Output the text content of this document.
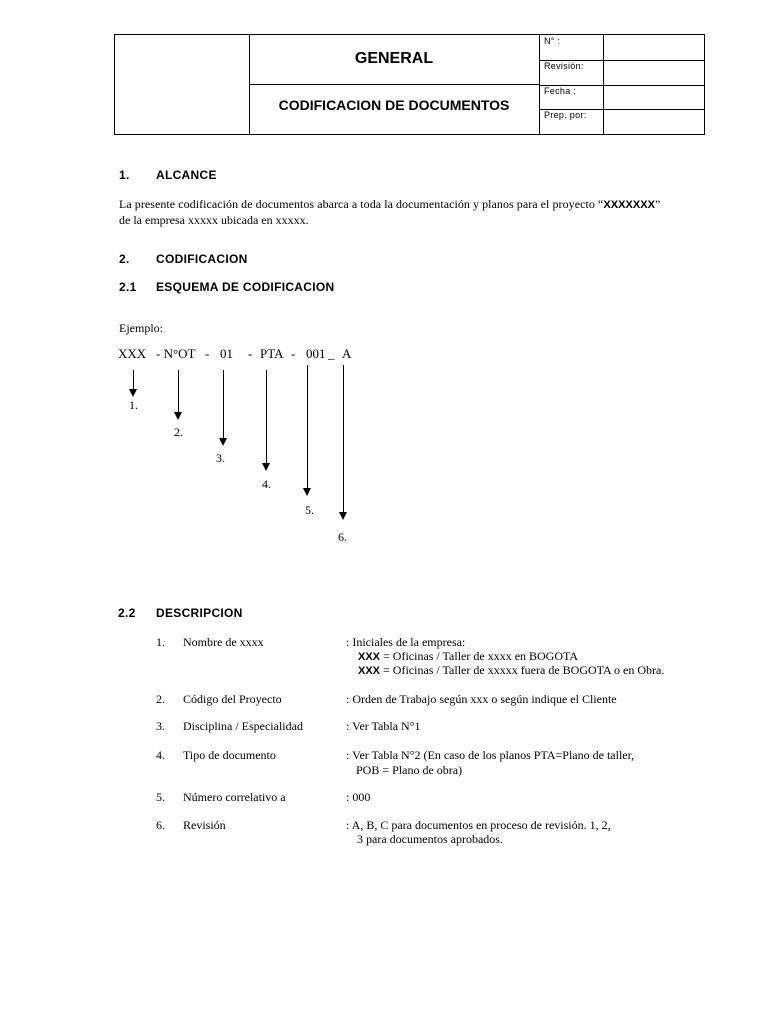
GENERAL
CODIFICACION DE DOCUMENTOS
N° :
Revisión:
Fecha :
Prep. por:
1. ALCANCE
La presente codificación de documentos abarca a toda la documentación y planos para el proyecto “XXXXXXX”
de la empresa xxxxx ubicada en xxxxx.
2. CODIFICACION
2.1 ESQUEMA DE CODIFICACION
Ejemplo:
XXX - N°OT - 01 - PTA - 001 _ A
1.
2.
3.
4.
5.
6.
2.2 DESCRIPCION
1. Nombre de xxxx	: Iniciales de la empresa:
XXX = Oficinas / Taller de xxxx en BOGOTA
XXX = Oficinas / Taller de xxxxx fuera de BOGOTA o en Obra.
2. Código del Proyecto	: Orden de Trabajo según xxx o según indique el Cliente
3. Disciplina / Especialidad	: Ver Tabla N°1
4. Tipo de documento	: Ver Tabla N°2 (En caso de los planos PTA=Plano de taller,
POB = Plano de obra)
5. Número correlativo a	: 000
6. Revisión	: A, B, C para documentos en proceso de revisión. 1, 2,
3 para documentos aprobados.
